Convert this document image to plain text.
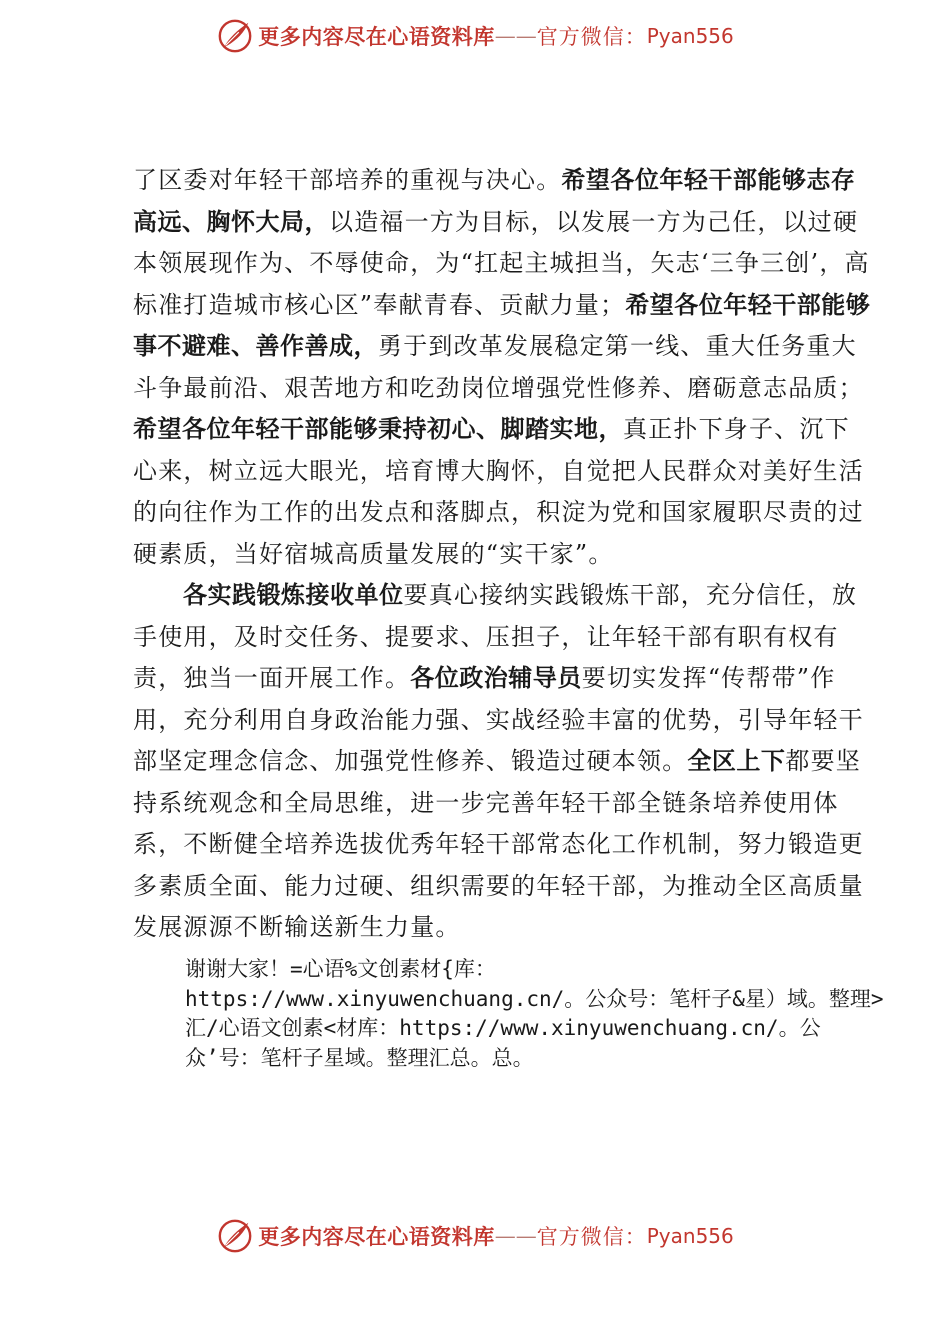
更多内容尽在心语资料库 —— 官方微信： Pyan556

了区委对年轻干部培养的重视与决心。希望各位年轻干部能够志存高远、胸怀大局，以造福一方为目标，以发展一方为己任，以过硬本领展现作为、不辱使命，为“扛起主城担当，矢志‘三争三创’，高标准打造城市核心区”奉献青春、贡献力量；希望各位年轻干部能够事不避难、善作善成，勇于到改革发展稳定第一线、重大任务重大斗争最前沿、艰苦地方和吃劲岗位增强党性修养、磨砺意志品质；希望各位年轻干部能够秉持初心、脚踏实地，真正扑下身子、沉下心来，树立远大眼光，培育博大胸怀，自觉把人民群众对美好生活的向往作为工作的出发点和落脚点，积淀为党和国家履职尽责的过硬素质，当好宿城高质量发展的“实干家”。

各实践锻炼接收单位要真心接纳实践锻炼干部，充分信任，放手使用，及时交任务、提要求、压担子，让年轻干部有职有权有责，独当一面开展工作。各位政治辅导员要切实发挥“传帮带”作用，充分利用自身政治能力强、实战经验丰富的优势，引导年轻干部坚定理念信念、加强党性修养、锻造过硬本领。全区上下都要坚持系统观念和全局思维，进一步完善年轻干部全链条培养使用体系，不断健全培养选拔优秀年轻干部常态化工作机制，努力锻造更多素质全面、能力过硬、组织需要的年轻干部，为推动全区高质量发展源源不断输送新生力量。

谢谢大家！=心语%文创素材{库：https://www.xinyuwenchuang.cn/。公众号：笔杆子&星）域。整理>汇/心语文创素<材库：https://www.xinyuwenchuang.cn/。公众’号：笔杆子星域。整理汇总。总。
更多内容尽在心语资料库 —— 官方微信： Pyan556
